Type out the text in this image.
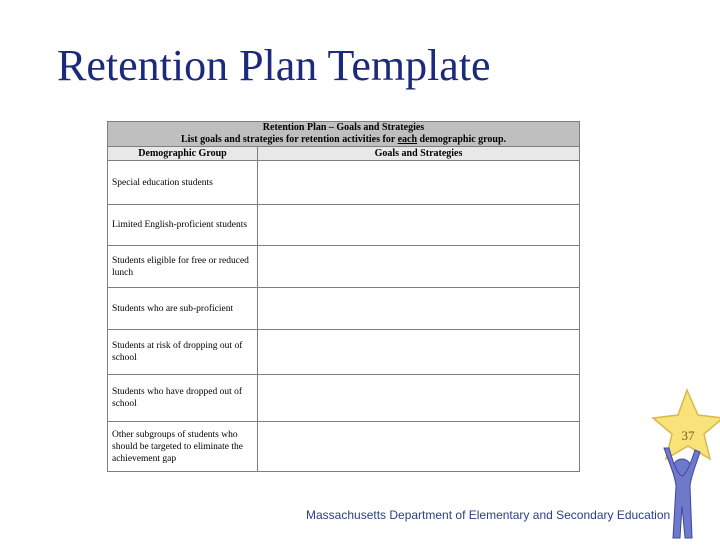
Retention Plan Template
Retention Plan – Goals and Strategies
List goals and strategies for retention activities for each demographic group.	

Demographic Group	Goals and Strategies
Special education students	
Limited English-proficient students	
Students eligible for free or reduced lunch	
Students who are sub-proficient	
Students at risk of dropping out of school	
Students who have dropped out of school	
Other subgroups of students who should be targeted to eliminate the achievement gap	
Massachusetts Department of Elementary and Secondary Education
37
